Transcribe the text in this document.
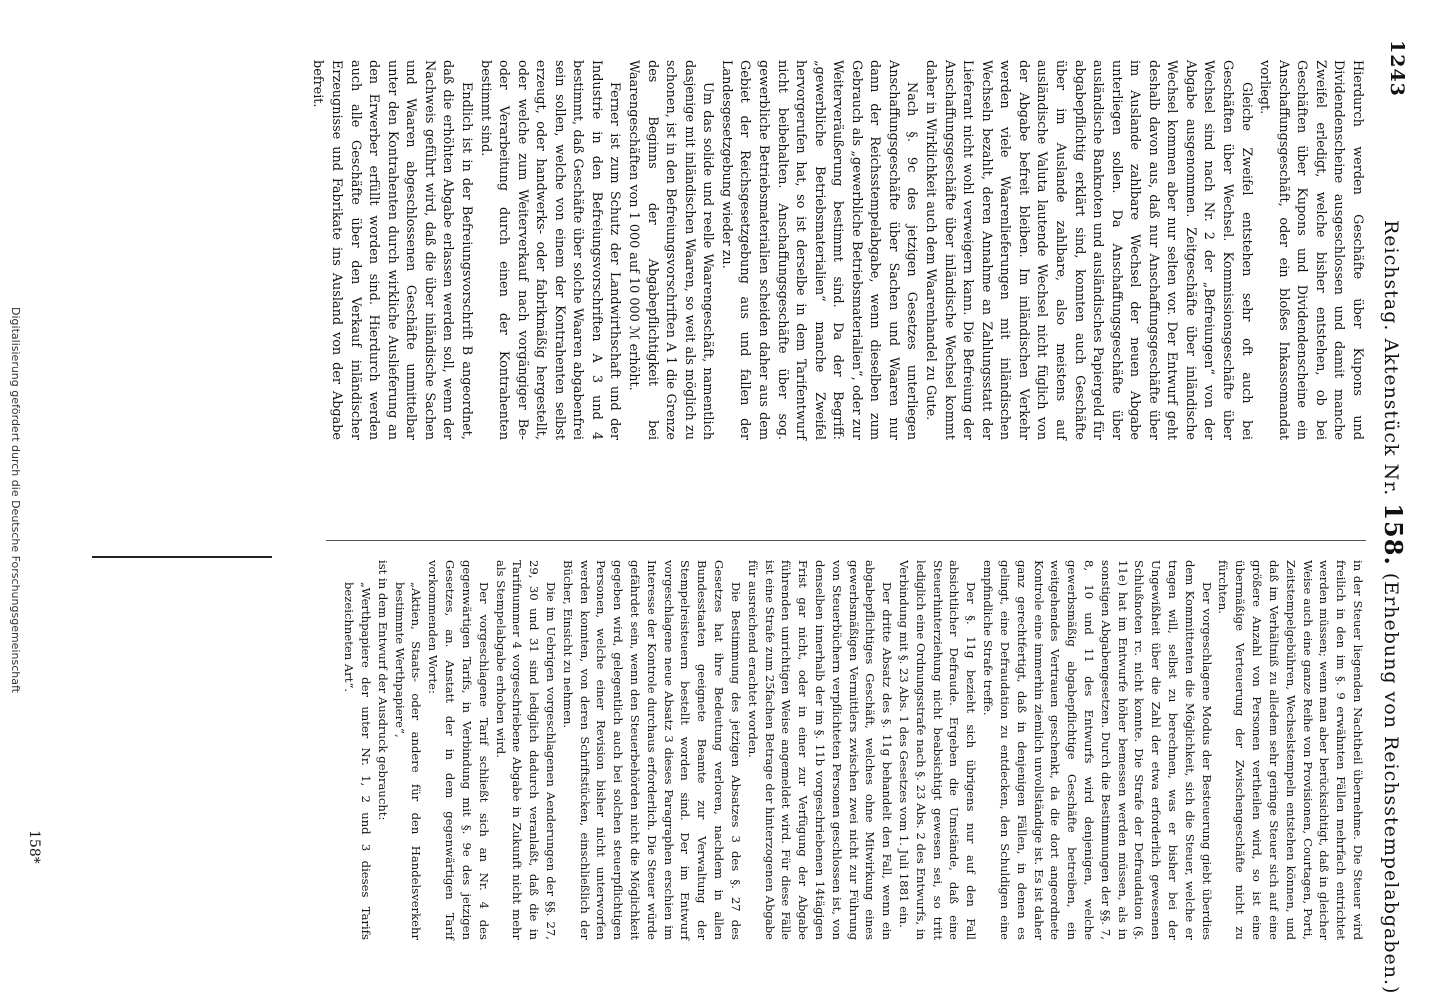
1243
Reichstag. Aktenstück Nr. 158. (Erhebung von Reichsstempelabgaben.)

Hierdurch werden Geschäfte über Kupons und Dividendenscheine ausgeschlossen und damit manche Zweifel erledigt, welche bisher entstehen, ob bei Geschäften über Kupons und Dividendenscheine ein Anschaffungsgeschäft, oder ein bloßes Inkassomandat vorliegt.

Gleiche Zweifel entstehen sehr oft auch bei Geschäften über Wechsel. Kommissionsgeschäfte über Wechsel sind nach Nr. 2 der „Befreiungen“ von der Abgabe ausgenommen. Zeitgeschäfte über inländische Wechsel kommen aber nur selten vor. Der Entwurf geht deshalb davon aus, daß nur Anschaffungsgeschäfte über im Auslande zahlbare Wechsel der neuen Abgabe unterliegen sollen. Da Anschaffungsgeschäfte über ausländische Banknoten und ausländisches Papiergeld für abgabepflichtig erklärt sind, konnten auch Geschäfte über im Auslande zahlbare, also meistens auf ausländische Valuta lautende Wechsel nicht füglich von der Abgabe befreit bleiben. Im inländischen Verkehr werden viele Waarenlieferungen mit inländischen Wechseln bezahlt, deren Annahme an Zahlungsstatt der Lieferant nicht wohl verweigern kann. Die Befreiung der Anschaffungsgeschäfte über inländische Wechsel kommt daher in Wirklichkeit auch dem Waarenhandel zu Gute.

Nach §. 9c des jetzigen Gesetzes unterliegen Anschaffungsgeschäfte über Sachen und Waaren nur dann der Reichsstempelabgabe, wenn dieselben zum Gebrauch als „gewerbliche Betriebsmaterialien“, oder zur Weiterveräußerung bestimmt sind. Da der Begriff: „gewerbliche Betriebsmaterialien“ manche Zweifel hervorgerufen hat, so ist derselbe in dem Tarifentwurf nicht beibehalten. Anschaffungsgeschäfte über sog. gewerbliche Betriebsmaterialien scheiden daher aus dem Gebiet der Reichsgesetzgebung aus und fallen der Landesgesetzgebung wieder zu.

Um das solide und reelle Waarengeschäft, namentlich dasjenige mit inländischen Waaren, so weit als möglich zu schonen, ist in den Befreiungsvorschriften A 1 die Grenze des Beginns der Abgabepflichtigkeit bei Waarengeschäften von 1 000 auf 10 000 ℳ erhöht.

Ferner ist zum Schutz der Landwirthschaft und der Industrie in den Befreiungsvorschriften A 3 und 4 bestimmt, daß Geschäfte über solche Waaren abgabenfrei sein sollen, welche von einem der Kontrahenten selbst erzeugt, oder handwerks- oder fabrikmäßig hergestellt, oder welche zum Weiterverkauf nach vorgängiger Be- oder Verarbeitung durch einen der Kontrahenten bestimmt sind.

Endlich ist in der Befreiungsvorschrift B angeordnet, daß die erhöhten Abgabe erlassen werden soll, wenn der Nachweis geführt wird, daß die über inländische Sachen und Waaren abgeschlossenen Geschäfte unmittelbar unter den Kontrahenten durch wirkliche Auslieferung an den Erwerber erfüllt worden sind. Hierdurch werden auch alle Geschäfte über den Verkauf inländischer Erzeugnisse und Fabrikate ins Ausland von der Abgabe befreit.

in der Steuer liegenden Nachtheil übernehme. Die Steuer wird freilich in den im §. 9 erwähnten Fällen mehrfach entrichtet werden müssen; wenn man aber berücksichtigt, daß in gleicher Weise auch eine ganze Reihe von Provisionen, Courtagen, Porti, Zeitstempelgebühren, Wechselstempeln entstehen können, und daß im Verhältniß zu alledem sehr geringe Steuer sich auf eine größere Anzahl von Personen vertheilen wird, so ist eine übermäßige Verteuerung der Zwischengeschäfte nicht zu fürchten.

Der vorgeschlagene Modus der Besteuerung giebt überdies dem Kommittenten die Möglichkeit, sich die Steuer, welche er tragen will, selbst zu berechnen, was er bisher bei der Ungewißheit über die Zahl der etwa erforderlich gewesenen Schlußnoten rc. nicht konnte. Die Strafe der Defraudation (§. 11e) hat im Entwurfe höher bemessen werden müssen, als in sonstigen Abgabengesetzen. Durch die Bestimmungen der §§. 7, 8, 10 und 11 des Entwurfs wird denjenigen, welche gewerbsmäßig abgabepflichtige Geschäfte betreiben, ein weitgehendes Vertrauen geschenkt, da die dort angeordnete Kontrole eine immerhin ziemlich unvollständige ist. Es ist daher ganz gerechtfertigt, daß in denjenigen Fällen, in denen es gelingt, eine Defraudation zu entdecken, den Schuldigen eine empfindliche Strafe treffe.

Der §. 11g bezieht sich übrigens nur auf den Fall absichtlicher Defraude. Ergeben die Umstände, daß eine Steuerhinterziehung nicht beabsichtigt gewesen sei, so tritt lediglich eine Ordnungsstrafe nach §. 23 Abs. 2 des Entwurfs, in Verbindung mit §. 23 Abs. 1 des Gesetzes vom 1. Juli 1881 ein.

Der dritte Absatz des §. 11g behandelt den Fall, wenn ein abgabepflichtiges Geschäft, welches ohne Mitwirkung eines gewerbsmäßigen Vermittlers zwischen zwei nicht zur Führung von Steuerbüchern verpflichteten Personen geschlossen ist, von denselben innerhalb der im §. 11b vorgeschriebenen 14tägigen Frist gar nicht, oder in einer zur Verfügung der Abgabe führenden unrichtigen Weise angemeldet wird. Für diese Fälle ist eine Strafe zum 25fachen Betrage der hinterzogenen Abgabe für ausreichend erachtet worden.

Die Bestimmung des jetzigen Absatzes 3 des §. 27 des Gesetzes hat ihre Bedeutung verloren, nachdem in allen Bundesstaaten geeignete Beamte zur Verwaltung der Stempelreisteuern bestellt worden sind. Der im Entwurf vorgeschlagene neue Absatz 3 dieses Paragraphen erschien im Interesse der Kontrole durchaus erforderlich. Die Steuer würde gefährdet sein, wenn den Steuerbehörden nicht die Möglichkeit gegeben wird, gelegentlich auch bei solchen steuerpflichtigen Personen, welche einer Revision bisher nicht unterworfen werden konnten, von deren Schriftstücken, einschließlich der Bücher, Einsicht zu nehmen.

Die im Uebrigen vorgeschlagenen Aenderungen der §§. 27, 29, 30 und 31 sind lediglich dadurch veranlaßt, daß die in Tarifnummer 4 vorgeschriebene Abgabe in Zukunft nicht mehr als Stempelabgabe erhoben wird.

Der vorgeschlagene Tarif schließt sich an Nr. 4 des gegenwärtigen Tarifs, in Verbindung mit §. 9e des jetzigen Gesetzes, an. Anstatt der in dem gegenwärtigen Tarif vorkommenden Worte:

„Aktien, Staats- oder andere für den Handelsverkehr bestimmte Werthpapiere“,

ist in dem Entwurf der Ausdruck gebraucht:

„Werthpapiere der unter Nr. 1, 2 und 3 dieses Tarifs bezeichneten Art“.

158*
Digitalisierung gefördert durch die Deutsche Forschungsgemeinschaft
